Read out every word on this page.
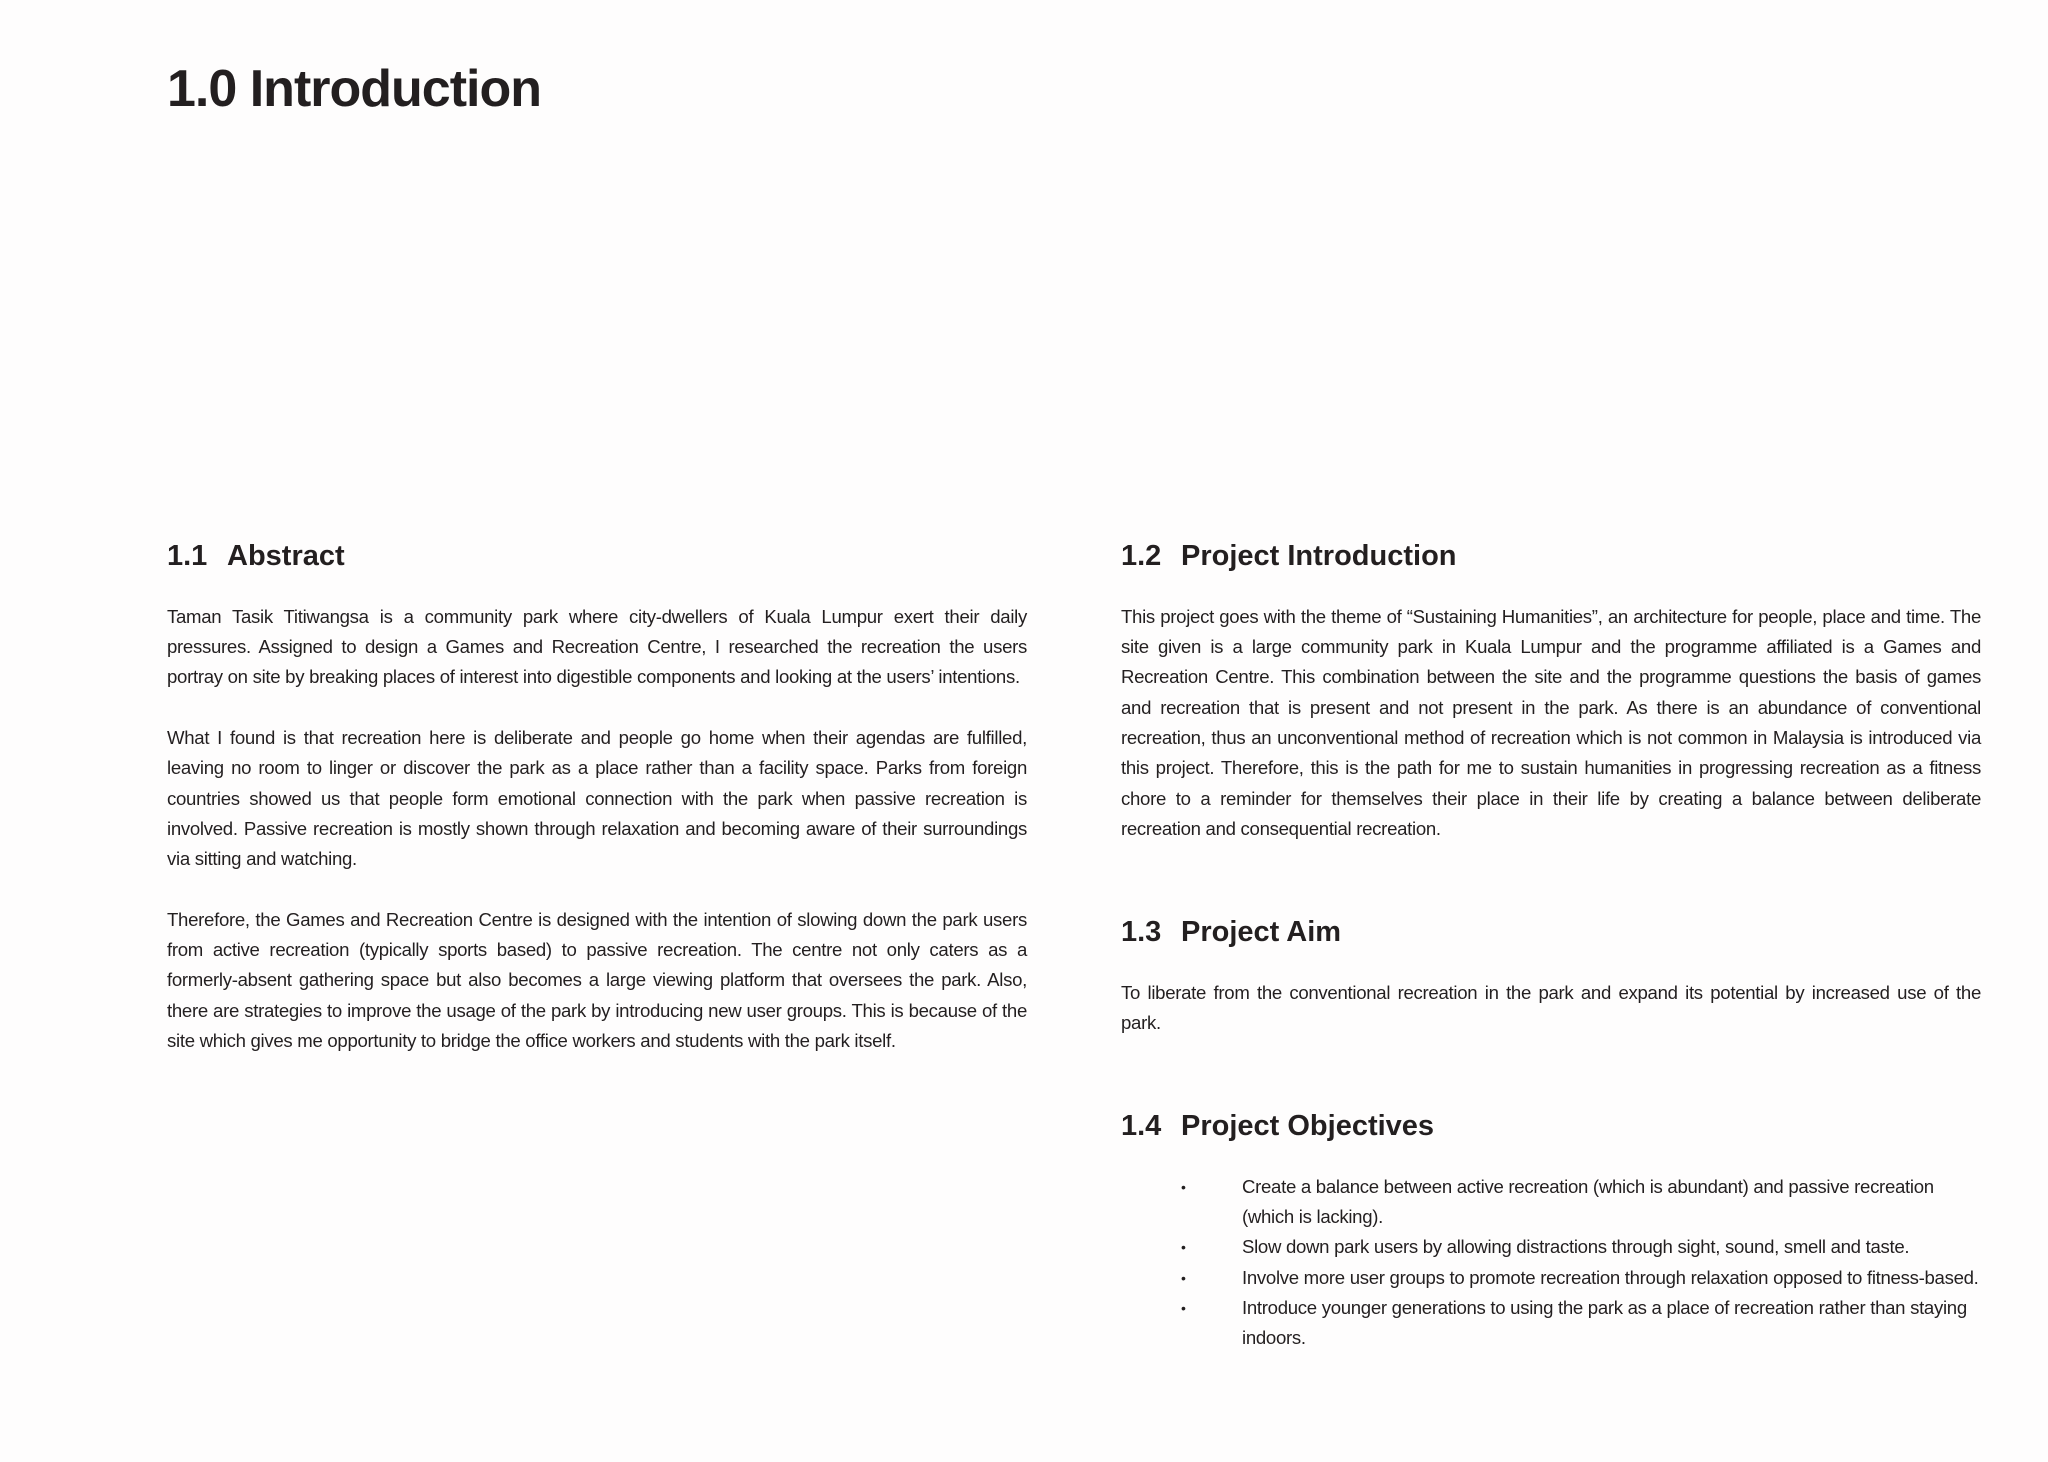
1.0 Introduction
1.1 Abstract

Taman Tasik Titiwangsa is a community park where city-dwellers of Kuala Lumpur exert their daily pressures. Assigned to design a Games and Recreation Centre, I researched the recreation the users portray on site by breaking places of interest into digestible components and looking at the users’ intentions.

What I found is that recreation here is deliberate and people go home when their agendas are fulfilled, leaving no room to linger or discover the park as a place rather than a facility space. Parks from foreign countries showed us that people form emotional connection with the park when passive recreation is involved. Passive recreation is mostly shown through relaxation and becoming aware of their surroundings via sitting and watching.

Therefore, the Games and Recreation Centre is designed with the intention of slowing down the park users from active recreation (typically sports based) to passive recreation. The centre not only caters as a formerly-absent gathering space but also becomes a large viewing platform that oversees the park. Also, there are strategies to improve the usage of the park by introducing new user groups. This is because of the site which gives me opportunity to bridge the office workers and students with the park itself.

1.2 Project Introduction

This project goes with the theme of “Sustaining Humanities”, an architecture for people, place and time. The site given is a large community park in Kuala Lumpur and the programme affiliated is a Games and Recreation Centre. This combination between the site and the programme questions the basis of games and recreation that is present and not present in the park. As there is an abundance of conventional recreation, thus an unconventional method of recreation which is not common in Malaysia is introduced via this project. Therefore, this is the path for me to sustain humanities in progressing recreation as a fitness chore to a reminder for themselves their place in their life by creating a balance between deliberate recreation and consequential recreation.

1.3 Project Aim

To liberate from the conventional recreation in the park and expand its potential by increased use of the park.

1.4 Project Objectives
•	Create a balance between active recreation (which is abundant) and passive recreation (which is lacking).
•	Slow down park users by allowing distractions through sight, sound, smell and taste.
•	Involve more user groups to promote recreation through relaxation opposed to fitness-based.
•	Introduce younger generations to using the park as a place of recreation rather than staying indoors.
